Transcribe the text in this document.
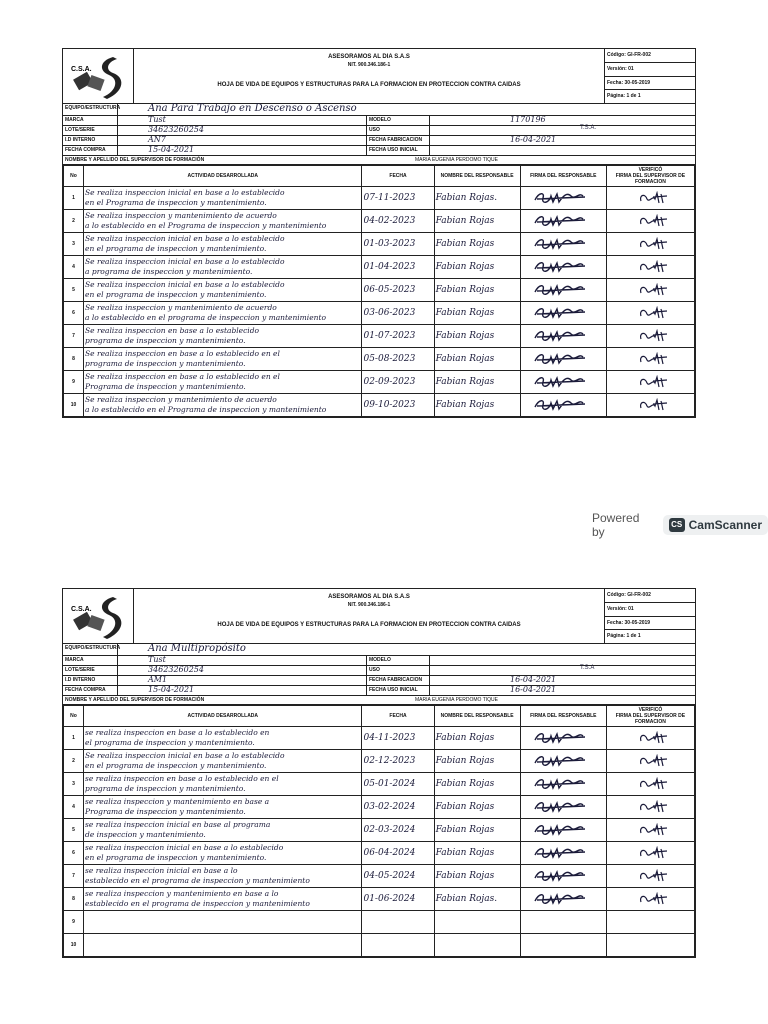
C.S.A.
ASESORAMOS AL DIA S.A.S
NIT. 900.346.186-1
HOJA DE VIDA DE EQUIPOS Y ESTRUCTURAS PARA LA FORMACION EN PROTECCION CONTRA CAIDAS
Código: GI-FR-002
Versión: 01
Fecha: 30-05-2019
Página: 1 de 1
EQUIPO/ESTRUCTURA	Ana Para Trabajo en Descenso o Ascenso
MARCA	Tust	MODELO	1170196
LOTE/SERIE	34623260254	USO	T.S.A.
I.D INTERNO	AN7	FECHA FABRICACION	16-04-2021
FECHA COMPRA	15-04-2021	FECHA USO INICIAL
NOMBRE Y APELLIDO DEL SUPERVISOR DE FORMACIÓN	MARIA EUGENIA PERDOMO TIQUE
No	ACTIVIDAD DESARROLLADA	FECHA	NOMBRE DEL RESPONSABLE	FIRMA DEL RESPONSABLE	VERIFICÓ
FIRMA DEL SUPERVISOR DE FORMACION

1	Se realiza inspeccion inicial en base a lo establecido
en el Programa de inspeccion y mantenimiento.	07-11-2023	Fabian Rojas.

2	Se realiza inspeccion y mantenimiento de acuerdo
a lo establecido en el Programa de inspeccion y mantenimiento	04-02-2023	Fabian Rojas

3	Se realiza inspeccion inicial en base a lo establecido
en el programa de inspeccion y mantenimiento.	01-03-2023	Fabian Rojas

4	Se realiza inspeccion inicial en base a lo establecido
a programa de inspeccion y mantenimiento.	01-04-2023	Fabian Rojas

5	Se realiza inspeccion inicial en base a lo establecido
en el programa de inspeccion y mantenimiento.	06-05-2023	Fabian Rojas

6	Se realiza inspeccion y mantenimiento de acuerdo
a lo establecido en el programa de inspeccion y mantenimiento	03-06-2023	Fabian Rojas

7	Se realiza inspeccion en base a lo establecido
programa de inspeccion y mantenimiento.	01-07-2023	Fabian Rojas

8	Se realiza inspeccion en base a lo establecido en el
programa de inspeccion y mantenimiento.	05-08-2023	Fabian Rojas

9	Se realiza inspeccion en base a lo establecido en el
Programa de inspeccion y mantenimiento.	02-09-2023	Fabian Rojas

10	Se realiza inspeccion y mantenimiento de acuerdo
a lo establecido en el Programa de inspeccion y mantenimiento	09-10-2023	Fabian Rojas

C.S.A.
ASESORAMOS AL DIA S.A.S
NIT. 900.346.186-1
HOJA DE VIDA DE EQUIPOS Y ESTRUCTURAS PARA LA FORMACION EN PROTECCION CONTRA CAIDAS
Código: GI-FR-002
Versión: 01
Fecha: 30-05-2019
Página: 1 de 1
EQUIPO/ESTRUCTURA	Ana Multipropósito
MARCA	Tust	MODELO
LOTE/SERIE	34623260254	USO	T.S.A
I.D INTERNO	AM1	FECHA FABRICACION	16-04-2021
FECHA COMPRA	15-04-2021	FECHA USO INICIAL	16-04-2021
NOMBRE Y APELLIDO DEL SUPERVISOR DE FORMACIÓN	MARIA EUGENIA PERDOMO TIQUE
No	ACTIVIDAD DESARROLLADA	FECHA	NOMBRE DEL RESPONSABLE	FIRMA DEL RESPONSABLE	VERIFICÓ
FIRMA DEL SUPERVISOR DE FORMACION

1	se realiza inspeccion en base a lo establecido en
el programa de inspeccion y mantenimiento.	04-11-2023	Fabian Rojas

2	Se realiza inspeccion inicial en base a lo establecido
en el programa de inspeccion y mantenimiento.	02-12-2023	Fabian Rojas

3	se realiza inspeccion en base a lo establecido en el
programa de inspeccion y mantenimiento.	05-01-2024	Fabian Rojas

4	se realiza inspeccion y mantenimiento en base a
Programa de inspeccion y mantenimiento.	03-02-2024	Fabian Rojas

5	se realiza inspeccion inicial en base al programa
de inspeccion y mantenimiento.	02-03-2024	Fabian Rojas

6	se realiza inspeccion inicial en base a lo establecido
en el programa de inspeccion y mantenimiento.	06-04-2024	Fabian Rojas

7	se realiza inspeccion inicial en base a lo
establecido en el programa de inspeccion y mantenimiento	04-05-2024	Fabian Rojas

8	se realiza inspeccion y mantenimiento en base a lo
establecido en el programa de inspeccion y mantenimiento	01-06-2024	Fabian Rojas.

9	

10	

Powered by
CS CamScanner
